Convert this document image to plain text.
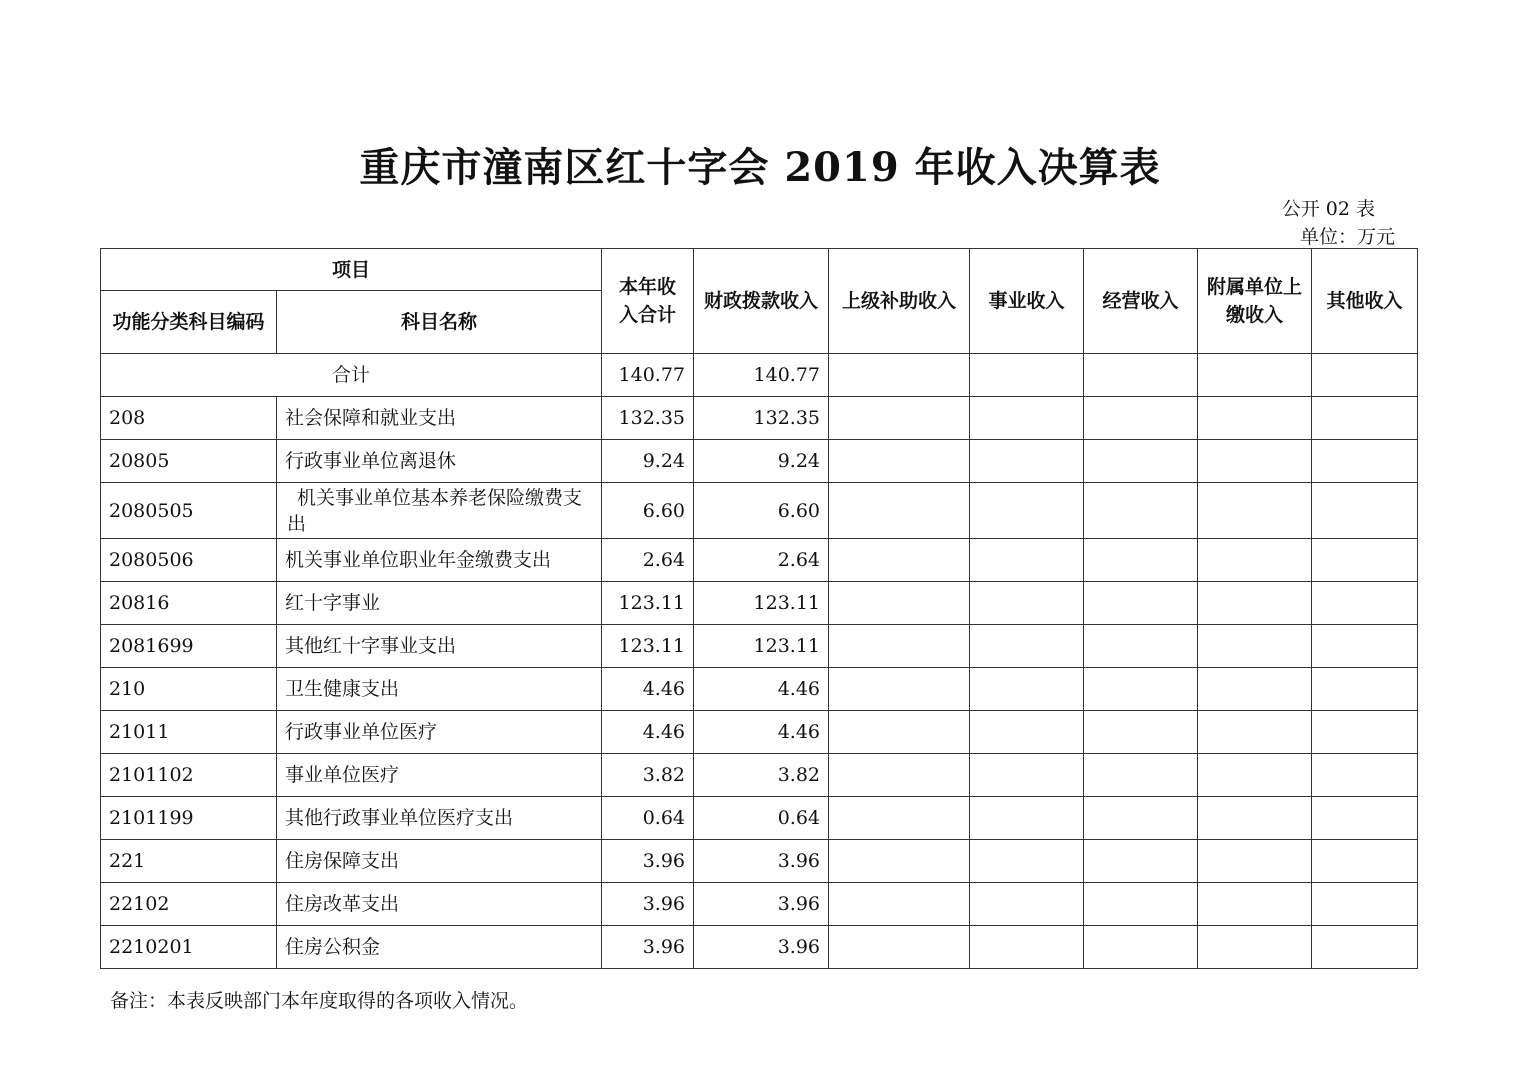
重庆市潼南区红十字会 2019 年收入决算表
公开 02 表
单位：万元
项目		本年收入合计	财政拨款收入	上级补助收入	事业收入	经营收入	附属单位上缴收入	其他收入
功能分类科目编码	科目名称							
合计		140.77	140.77					
208	社会保障和就业支出	132.35	132.35					
20805	行政事业单位离退休	9.24	9.24					
2080505	机关事业单位基本养老保险缴费支出	6.60	6.60					
2080506	机关事业单位职业年金缴费支出	2.64	2.64					
20816	红十字事业	123.11	123.11					
2081699	其他红十字事业支出	123.11	123.11					
210	卫生健康支出	4.46	4.46					
21011	行政事业单位医疗	4.46	4.46					
2101102	事业单位医疗	3.82	3.82					
2101199	其他行政事业单位医疗支出	0.64	0.64					
221	住房保障支出	3.96	3.96					
22102	住房改革支出	3.96	3.96					
2210201	住房公积金	3.96	3.96					
备注：本表反映部门本年度取得的各项收入情况。
